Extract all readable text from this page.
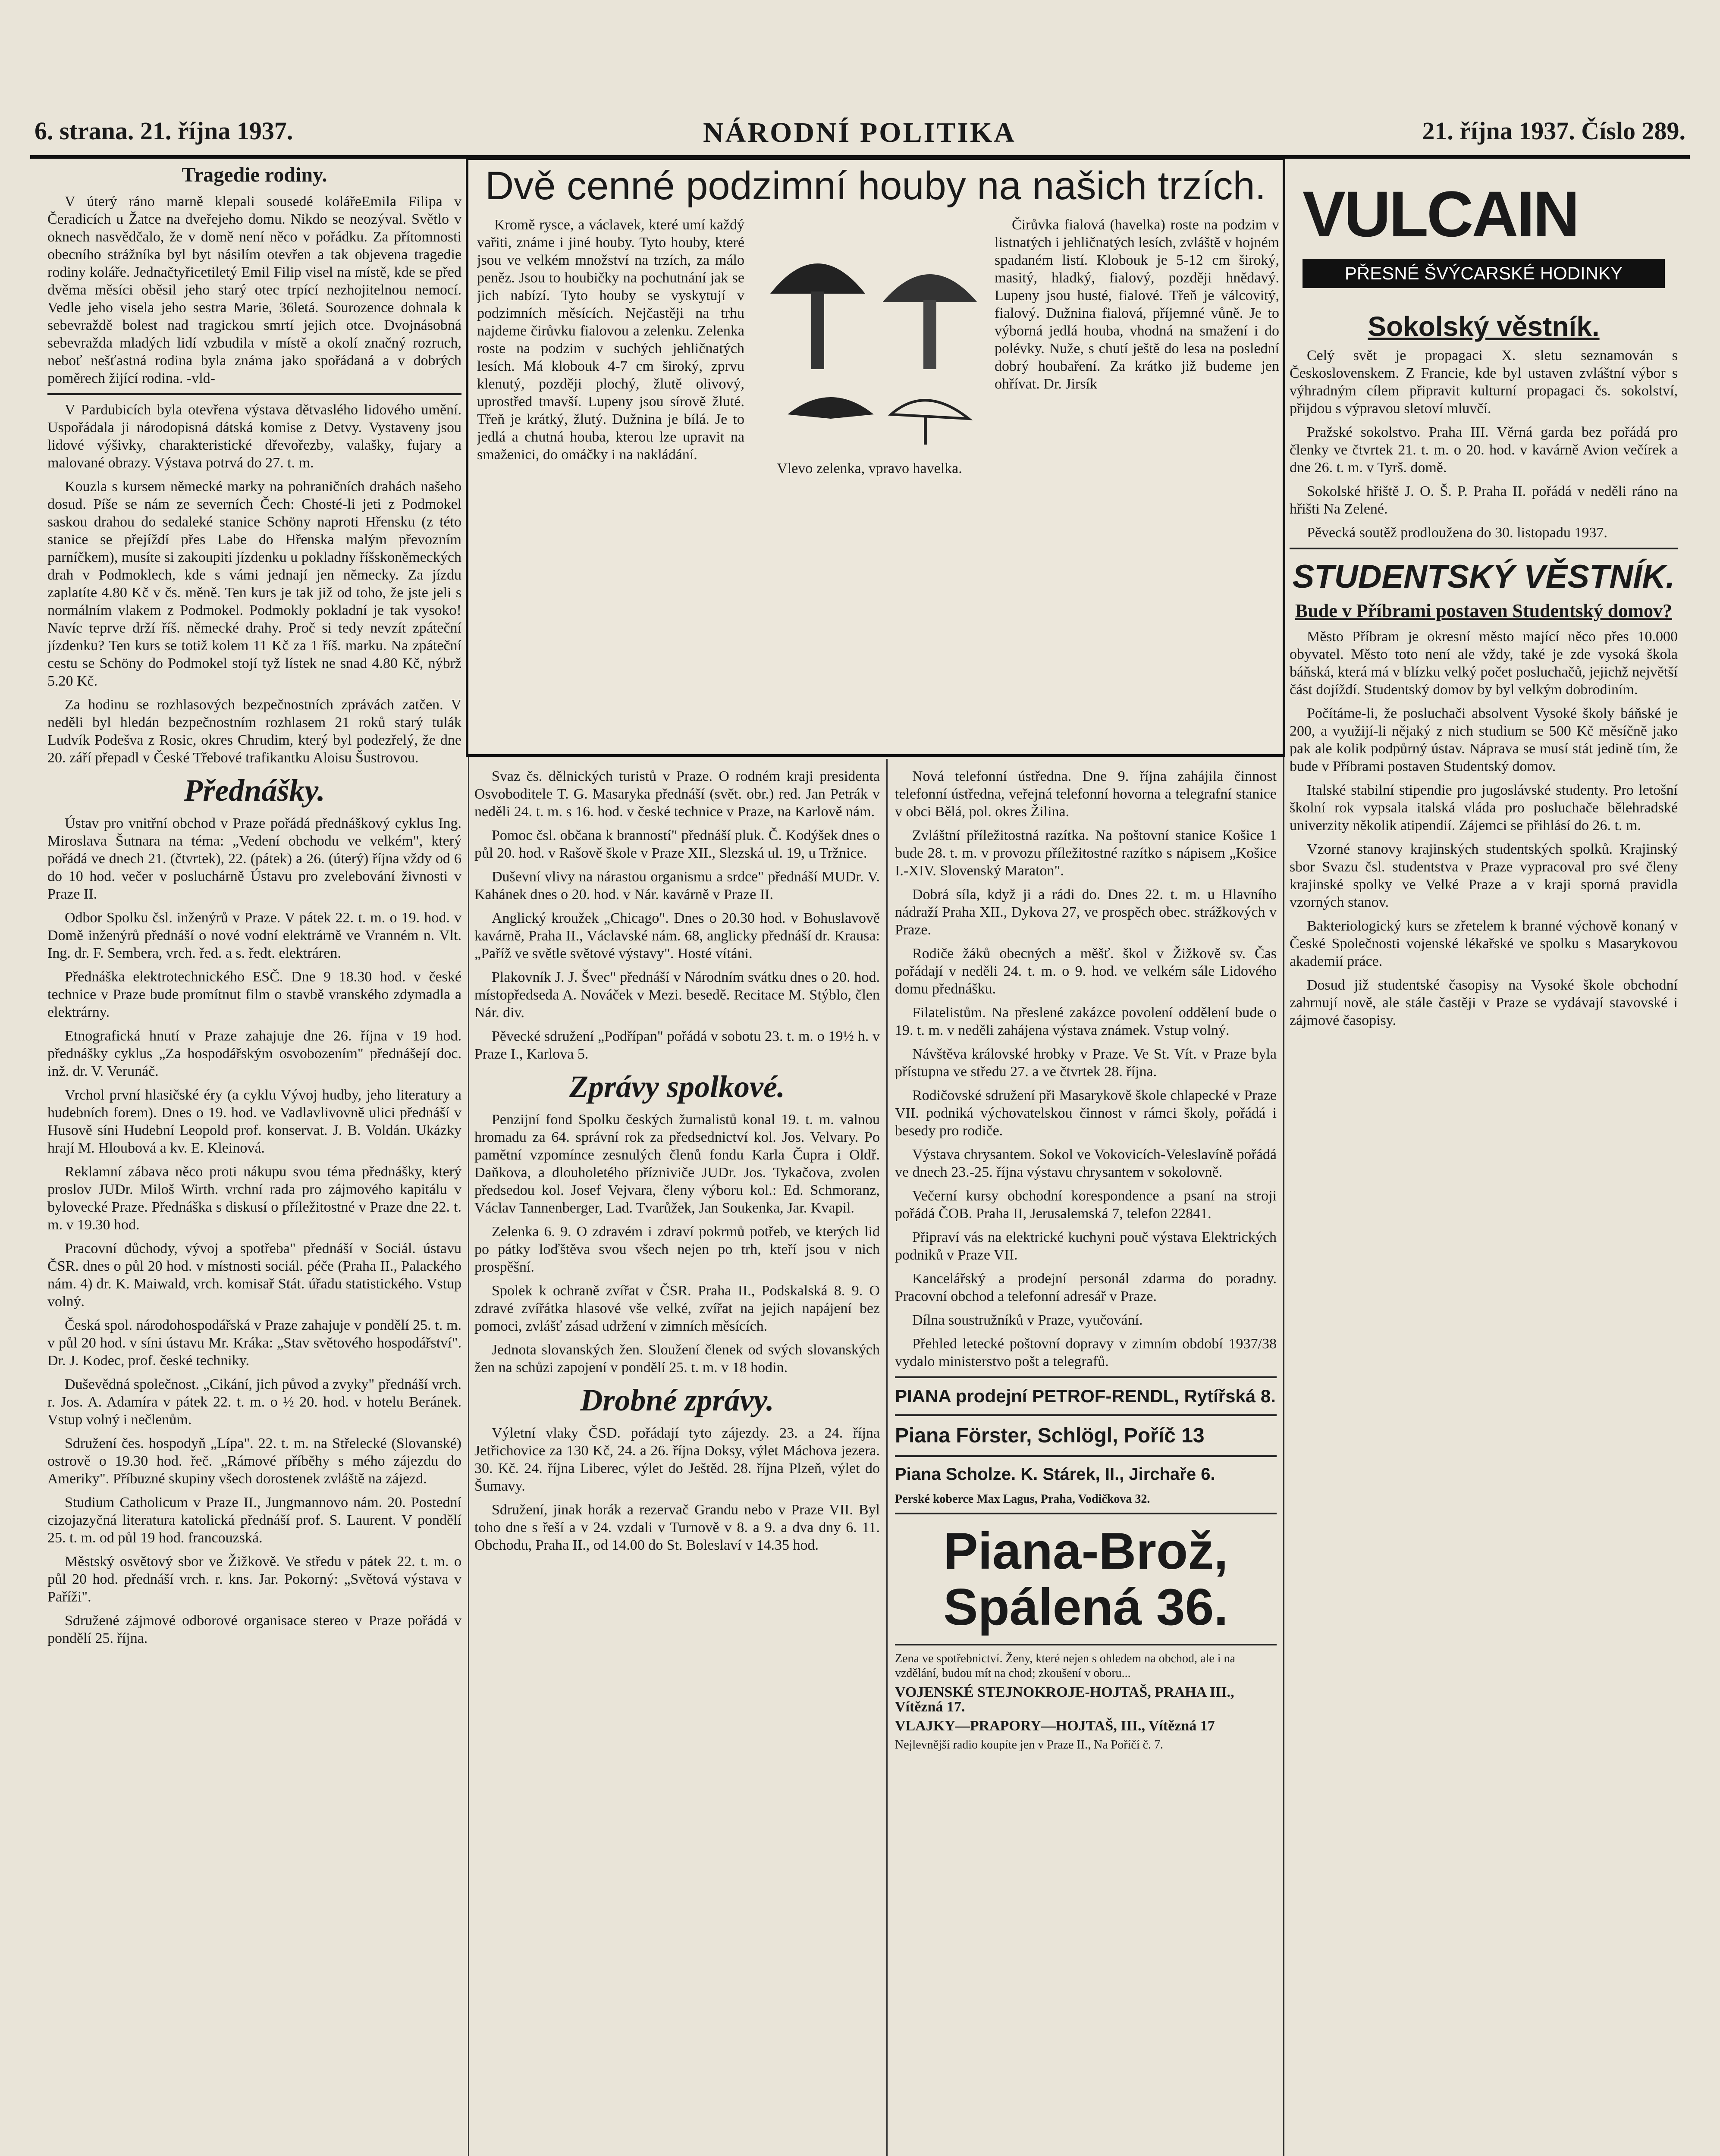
6. strana. 21. října 1937.	NÁRODNÍ POLITIKA	21. října 1937. Číslo 289.
Tragedie rodiny.

V úterý ráno marně klepali sousedé kolářeEmila Filipa v Čeradicích u Žatce na dveřejeho domu. Nikdo se neozýval. Světlo v oknech nasvědčalo, že v domě není něco v pořádku. Za přítomnosti obecního strážníka byl byt násilím otevřen a tak objevena tragedie rodiny koláře. Jednačtyřicetiletý Emil Filip visel na místě, kde se před dvěma měsíci oběsil jeho starý otec trpící nezhojitelnou nemocí. Vedle jeho visela jeho sestra Marie, 36letá. Sourozence dohnala k sebevraždě bolest nad tragickou smrtí jejich otce. Dvojnásobná sebevražda mladých lidí vzbudila v místě a okolí značný rozruch, neboť nešťastná rodina byla známa jako spořádaná a v dobrých poměrech žijící rodina. -vld-

V Pardubicích byla otevřena výstava dětvaslého lidového umění. Uspořádala ji národopisná dátská komise z Detvy. Vystaveny jsou lidové výšivky, charakteristické dřevořezby, valašky, fujary a malované obrazy. Výstava potrvá do 27. t. m.

Kouzla s kursem německé marky na pohraničních drahách našeho dosud. Píše se nám ze severních Čech: Chosté-li jeti z Podmokel saskou drahou do sedaleké stanice Schöny naproti Hřensku (z této stanice se přejíždí přes Labe do Hřenska malým převozním parníčkem), musíte si zakoupiti jízdenku u pokladny říšskoněmeckých drah v Podmoklech, kde s vámi jednají jen německy. Za jízdu zaplatíte 4.80 Kč v čs. měně. Ten kurs je tak již od toho, že jste jeli s normálním vlakem z Podmokel. Podmokly pokladní je tak vysoko! Navíc teprve drží říš. německé drahy. Proč si tedy nevzít zpáteční jízdenku? Ten kurs se totiž kolem 11 Kč za 1 říš. marku. Na zpáteční cestu se Schöny do Podmokel stojí tyž lístek ne snad 4.80 Kč, nýbrž 5.20 Kč.

Za hodinu se rozhlasových bezpečnostních zprávách zatčen. V neděli byl hledán bezpečnostním rozhlasem 21 roků starý tulák Ludvík Podešva z Rosic, okres Chrudim, který byl podezřelý, že dne 20. září přepadl v České Třebové trafikantku Aloisu Šustrovou.

Přednášky.

Ústav pro vnitřní obchod v Praze pořádá přednáškový cyklus Ing. Miroslava Šutnara na téma: „Vedení obchodu ve velkém", který pořádá ve dnech 21. (čtvrtek), 22. (pátek) a 26. (úterý) října vždy od 6 do 10 hod. večer v posluchárně Ústavu pro zvelebování živnosti v Praze II.

Odbor Spolku čsl. inženýrů v Praze. V pátek 22. t. m. o 19. hod. v Domě inženýrů přednáší o nové vodní elektrárně ve Vranném n. Vlt. Ing. dr. F. Sembera, vrch. řed. a s. ředt. elektráren.

Přednáška elektrotechnického ESČ. Dne 9 18.30 hod. v české technice v Praze bude promítnut film o stavbě vranského zdymadla a elektrárny.

Etnografická hnutí v Praze zahajuje dne 26. října v 19 hod. přednášky cyklus „Za hospodářským osvobozením" přednášejí doc. inž. dr. V. Verunáč.

Vrchol první hlasičské éry (a cyklu Vývoj hudby, jeho literatury a hudebních forem). Dnes o 19. hod. ve Vadlavlivovně ulici přednáší v Husově síni Hudební Leopold prof. konservat. J. B. Voldán. Ukázky hrají M. Hloubová a kv. E. Kleinová.

Reklamní zábava něco proti nákupu svou téma přednášky, který proslov JUDr. Miloš Wirth. vrchní rada pro zájmového kapitálu v bylovecké Praze. Přednáška s diskusí o příležitostné v Praze dne 22. t. m. v 19.30 hod.

Pracovní důchody, vývoj a spotřeba" přednáší v Sociál. ústavu ČSR. dnes o půl 20 hod. v místnosti sociál. péče (Praha II., Palackého nám. 4) dr. K. Maiwald, vrch. komisař Stát. úřadu statistického. Vstup volný.

Česká spol. národohospodářská v Praze zahajuje v pondělí 25. t. m. v půl 20 hod. v síni ústavu Mr. Kráka: „Stav světového hospodářství". Dr. J. Kodec, prof. české techniky.

Duševědná společnost. „Cikání, jich původ a zvyky" přednáší vrch. r. Jos. A. Adamíra v pátek 22. t. m. o ½ 20. hod. v hotelu Beránek. Vstup volný i nečlenům.

Sdružení čes. hospodyň „Lípa". 22. t. m. na Střelecké (Slovanské) ostrově o 19.30 hod. řeč. „Rámové příběhy s mého zájezdu do Ameriky". Příbuzné skupiny všech dorostenek zvláště na zájezd.

Studium Catholicum v Praze II., Jungmannovo nám. 20. Postední cizojazyčná literatura katolická přednáší prof. S. Laurent. V pondělí 25. t. m. od půl 19 hod. francouzská.

Městský osvětový sbor ve Žižkově. Ve středu v pátek 22. t. m. o půl 20 hod. přednáší vrch. r. kns. Jar. Pokorný: „Světová výstava v Paříži".

Sdružené zájmové odborové organisace stereo v Praze pořádá v pondělí 25. října.

Dvě cenné podzimní houby na našich trzích.

Kromě rysce, a václavek, které umí každý vařiti, známe i jiné houby. Tyto houby, které jsou ve velkém množství na trzích, za málo peněz. Jsou to houbičky na pochutnání jak se jich nabízí. Tyto houby se vyskytují v podzimních měsících. Nejčastěji na trhu najdeme čirůvku fialovou a zelenku. Zelenka roste na podzim v suchých jehličnatých lesích. Má klobouk 4-7 cm široký, zprvu klenutý, později plochý, žlutě olivový, uprostřed tmavší. Lupeny jsou sírově žluté. Třeň je krátký, žlutý. Dužnina je bílá. Je to jedlá a chutná houba, kterou lze upravit na smaženici, do omáčky i na nakládání.

Vlevo zelenka, vpravo havelka.

Čirůvka fialová (havelka) roste na podzim v listnatých i jehličnatých lesích, zvláště v hojném spadaném listí. Klobouk je 5-12 cm široký, masitý, hladký, fialový, později hnědavý. Lupeny jsou husté, fialové. Třeň je válcovitý, fialový. Dužnina fialová, příjemné vůně. Je to výborná jedlá houba, vhodná na smažení i do polévky. Nuže, s chutí ještě do lesa na poslední dobrý houbaření. Za krátko již budeme jen ohřívat. Dr. Jirsík

Svaz čs. dělnických turistů v Praze. O rodném kraji presidenta Osvoboditele T. G. Masaryka přednáší (svět. obr.) red. Jan Petrák v neděli 24. t. m. s 16. hod. v české technice v Praze, na Karlově nám.

Pomoc čsl. občana k branností" přednáší pluk. Č. Kodýšek dnes o půl 20. hod. v Rašově škole v Praze XII., Slezská ul. 19, u Tržnice.

Duševní vlivy na nárastou organismu a srdce" přednáší MUDr. V. Kahánek dnes o 20. hod. v Nár. kavárně v Praze II.

Anglický kroužek „Chicago". Dnes o 20.30 hod. v Bohuslavově kavárně, Praha II., Václavské nám. 68, anglicky přednáší dr. Krausa: „Paříž ve světle světové výstavy". Hosté vítáni.

Plakovník J. J. Švec" přednáší v Národním svátku dnes o 20. hod. místopředseda A. Nováček v Mezi. besedě. Recitace M. Stýblo, člen Nár. div.

Pěvecké sdružení „Podřípan" pořádá v sobotu 23. t. m. o 19½ h. v Praze I., Karlova 5.

Zprávy spolkové.

Penzijní fond Spolku českých žurnalistů konal 19. t. m. valnou hromadu za 64. správní rok za předsednictví kol. Jos. Velvary. Po pamětní vzpomínce zesnulých členů fondu Karla Čupra i Oldř. Daňkova, a dlouholetého přízniviče JUDr. Jos. Tykačova, zvolen předsedou kol. Josef Vejvara, členy výboru kol.: Ed. Schmoranz, Václav Tannenberger, Lad. Tvarůžek, Jan Soukenka, Jar. Kvapil.

Zelenka 6. 9. O zdravém i zdraví pokrmů potřeb, ve kterých lid po pátky loďštěva svou všech nejen po trh, kteří jsou v nich prospěšní.

Spolek k ochraně zvířat v ČSR. Praha II., Podskalská 8. 9. O zdravé zvířátka hlasové vše velké, zvířat na jejich napájení bez pomoci, zvlášť zásad udržení v zimních měsících.

Jednota slovanských žen. Sloužení členek od svých slovanských žen na schůzi zapojení v pondělí 25. t. m. v 18 hodin.

Drobné zprávy.

Výletní vlaky ČSD. pořádají tyto zájezdy. 23. a 24. října Jetřichovice za 130 Kč, 24. a 26. října Doksy, výlet Máchova jezera. 30. Kč. 24. října Liberec, výlet do Ještěd. 28. října Plzeň, výlet do Šumavy.

Sdružení, jinak horák a rezervač Grandu nebo v Praze VII. Byl toho dne s řeší a v 24. vzdali v Turnově v 8. a 9. a dva dny 6. 11. Obchodu, Praha II., od 14.00 do St. Boleslaví v 14.35 hod.

Nová telefonní ústředna. Dne 9. října zahájila činnost telefonní ústředna, veřejná telefonní hovorna a telegrafní stanice v obci Bělá, pol. okres Žilina.

Zvláštní příležitostná razítka. Na poštovní stanice Košice 1 bude 28. t. m. v provozu příležitostné razítko s nápisem „Košice I.-XIV. Slovenský Maraton".

Dobrá síla, když ji a rádi do. Dnes 22. t. m. u Hlavního nádraží Praha XII., Dykova 27, ve prospěch obec. strážkových v Praze.

Rodiče žáků obecných a měšť. škol v Žižkově sv. Čas pořádají v neděli 24. t. m. o 9. hod. ve velkém sále Lidového domu přednášku.

Filatelistům. Na přeslené zakázce povolení oddělení bude o 19. t. m. v neděli zahájena výstava známek. Vstup volný.

Návštěva královské hrobky v Praze. Ve St. Vít. v Praze byla přístupna ve středu 27. a ve čtvrtek 28. října.

Rodičovské sdružení při Masarykově škole chlapecké v Praze VII. podniká výchovatelskou činnost v rámci školy, pořádá i besedy pro rodiče.

Výstava chrysantem. Sokol ve Vokovicích-Veleslavíně pořádá ve dnech 23.-25. října výstavu chrysantem v sokolovně.

Večerní kursy obchodní korespondence a psaní na stroji pořádá ČOB. Praha II, Jerusalemská 7, telefon 22841.

Připraví vás na elektrické kuchyni pouč výstava Elektrických podniků v Praze VII.

Kancelářský a prodejní personál zdarma do poradny. Pracovní obchod a telefonní adresář v Praze.

Dílna soustružníků v Praze, vyučování.

Přehled letecké poštovní dopravy v zimním období 1937/38 vydalo ministerstvo pošt a telegrafů.

PIANA prodejní PETROF-RENDL, Rytířská 8.
Piana Förster, Schlögl, Poříč 13
Piana Scholze. K. Stárek, II., Jirchaře 6.
Perské koberce Max Lagus, Praha, Vodičkova 32.
Piana-Brož, Spálená 36.
Zena ve spotřebnictví. Ženy, které nejen s ohledem na obchod, ale i na vzdělání, budou mít na chod; zkoušení v oboru...
VOJENSKÉ STEJNOKROJE-HOJTAŠ, PRAHA III., Vítězná 17.
VLAJKY—PRAPORY—HOJTAŠ, III., Vítězná 17
Nejlevnější radio koupíte jen v Praze II., Na Poříčí č. 7.
VULCAIN
PŘESNÉ ŠVÝCARSKÉ HODINKY
Sokolský věstník.

Celý svět je propagaci X. sletu seznamován s Československem. Z Francie, kde byl ustaven zvláštní výbor s výhradným cílem připravit kulturní propagaci čs. sokolství, přijdou s výpravou sletoví mluvčí.

Pražské sokolstvo. Praha III. Věrná garda bez pořádá pro členky ve čtvrtek 21. t. m. o 20. hod. v kavárně Avion večírek a dne 26. t. m. v Tyrš. domě.

Sokolské hřiště J. O. Š. P. Praha II. pořádá v neděli ráno na hřišti Na Zelené.

Pěvecká soutěž prodloužena do 30. listopadu 1937.

STUDENTSKÝ VĚSTNÍK.
Bude v Příbrami postaven Studentský domov?

Město Příbram je okresní město mající něco přes 10.000 obyvatel. Město toto není ale vždy, také je zde vysoká škola báňská, která má v blízku velký počet posluchačů, jejichž největší část dojíždí. Studentský domov by byl velkým dobrodiním.

Počítáme-li, že posluchači absolvent Vysoké školy báňské je 200, a využijí-li nějaký z nich studium se 500 Kč měsíčně jako pak ale kolik podpůrný ústav. Náprava se musí stát jedině tím, že bude v Příbrami postaven Studentský domov.

Italské stabilní stipendie pro jugoslávské studenty. Pro letošní školní rok vypsala italská vláda pro posluchače bělehradské univerzity několik atipendií. Zájemci se přihlásí do 26. t. m.

Vzorné stanovy krajinských studentských spolků. Krajinský sbor Svazu čsl. studentstva v Praze vypracoval pro své členy krajinské spolky ve Velké Praze a v kraji sporná pravidla vzorných stanov.

Bakteriologický kurs se zřetelem k branné výchově konaný v České Společnosti vojenské lékařské ve spolku s Masarykovou akademií práce.

Dosud již studentské časopisy na Vysoké škole obchodní zahrnují nově, ale stále častěji v Praze se vydávají stavovské i zájmové časopisy.
